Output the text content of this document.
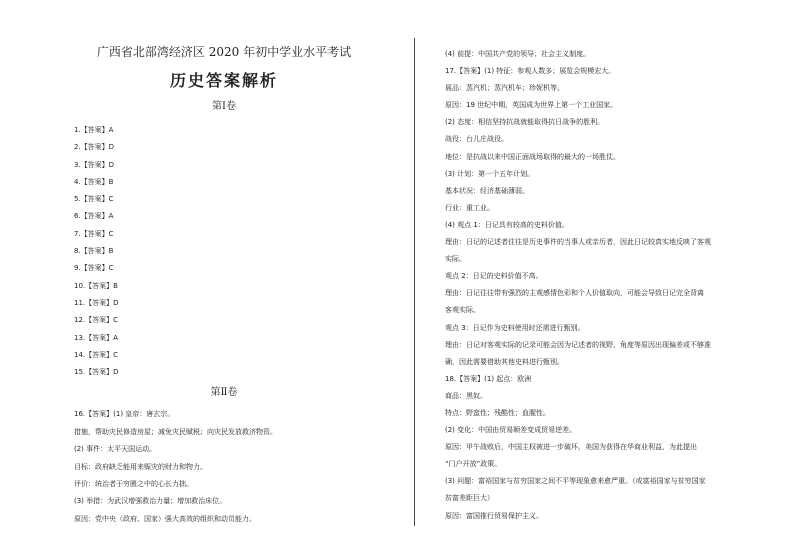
广西省北部湾经济区 2020 年初中学业水平考试
历史答案解析
第Ⅰ卷
1.【答案】A
2.【答案】D
3.【答案】D
4.【答案】B
5.【答案】C
6.【答案】A
7.【答案】C
8.【答案】B
9.【答案】C
10.【答案】B
11.【答案】D
12.【答案】C
13.【答案】A
14.【答案】C
15.【答案】D
第Ⅱ卷
16.【答案】(1) 皇帝：唐玄宗。
措施，帮助灾民修造房屋；减免灾民赋税；向灾民发放救济物资。
(2) 事件：太平天国运动。
目标：政府缺乏能用来赈灾的财力和物力。
评价：统治者于穷匮之中的心长力拙。
(3) 举措：为武汉增强救治力量；增加救治床位。
原因：党中央（政府、国家）强大高效的组织和动员能力。
(4) 前提：中国共产党的领导；社会主义制度。
17.【答案】(1) 特征：参观人数多；展览会规模宏大。
展品：蒸汽机；蒸汽机车；珍妮机等。
原因：19 世纪中期，英国成为世界上第一个工业国家。
(2) 态度：相信坚持抗战就能取得抗日战争的胜利。
战役：台儿庄战役。
地位：是抗战以来中国正面战场取得的最大的一场胜仗。
(3) 计划：第一个五年计划。
基本状况：经济基础薄弱。
行业：重工业。
(4) 观点 1：日记具有较高的史料价值。
理由：日记的记述者往往是历史事件的当事人或亲历者，因此日记较真实地反映了客观
实际。
观点 2：日记的史料价值不高。
理由：日记往往带有强烈的主观感情色彩和个人价值取向，可能会导致日记完全背离
客观实际。
观点 3：日记作为史料使用时还需进行甄别。
理由：日记对客观实际的记录可能会因为记述者的视野、角度等原因出现偏差或不够准
确，因此需要借助其他史料进行甄别。
18.【答案】(1) 起点：欧洲
商品：黑奴。
特点：野蛮性；残酷性；血腥性。
(2) 变化：中国由贸易顺差变成贸易逆差。
原因：甲午战败后，中国主权被进一步破坏，美国为获得在华商业利益，为此提出
“门户开放”政策。
(3) 问题：富裕国家与贫穷国家之间不平等现象愈来愈严重。（或富裕国家与贫穷国家
贫富差距巨大）
原因：富国推行贸易保护主义。
